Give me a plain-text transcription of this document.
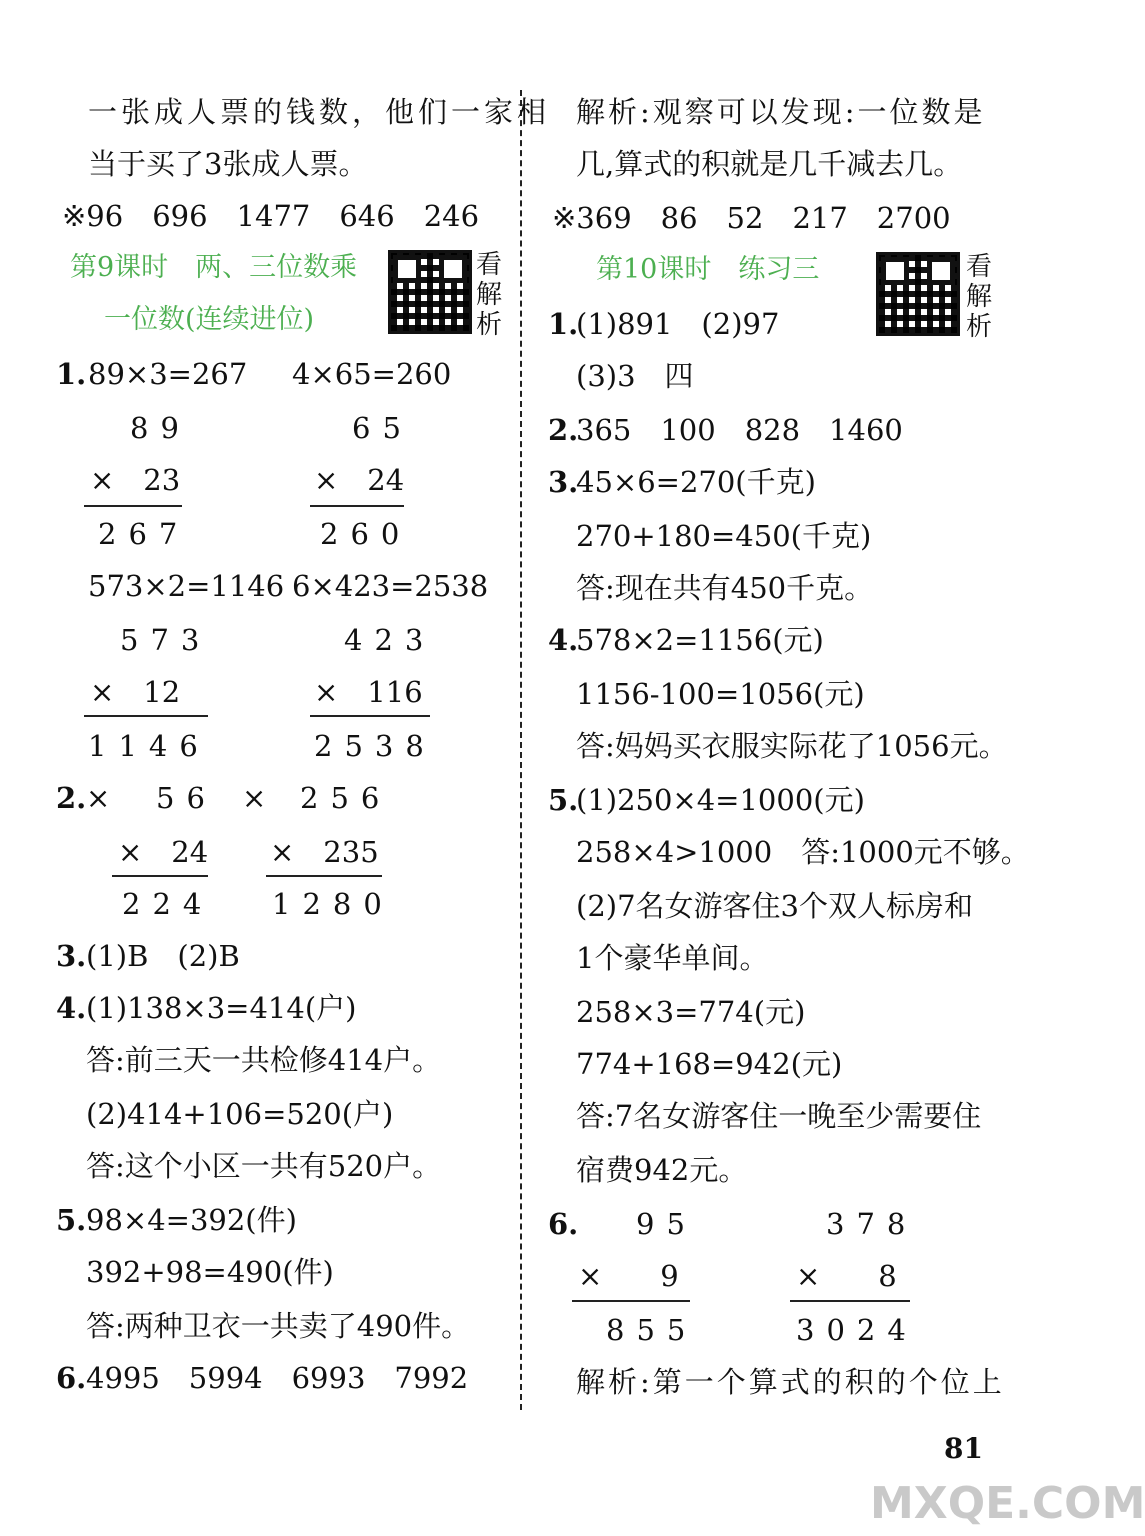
一张成人票的钱数，他们一家相
当于买了3张成人票。
※96　696　1477　646　246
第9课时　两、三位数乘
一位数(连续进位)
看解析
1. 89×3=267 4×65=260
89
×　23
267
65
×　24
260
573×2=1146 6×423=2538
573
×　12
1146
423
×　116
2538
2. × 56
×　24
224
× 256
×　235
1280
3. (1)B　(2)B
4. (1)138×3=414(户)
答:前三天一共检修414户。
(2)414+106=520(户)
答:这个小区一共有520户。
5. 98×4=392(件)
392+98=490(件)
答:两种卫衣一共卖了490件。
6. 4995　5994　6993　7992
解析:观察可以发现:一位数是
几,算式的积就是几千减去几。
※369　86　52　217　2700
第10课时　练习三	看解析
1.
(1)891　(2)97
(3)3　四
2.
365　100　828　1460
3.
45×6=270(千克)
270+180=450(千克)
答:现在共有450千克。
4.
578×2=1156(元)
1156-100=1056(元)
答:妈妈买衣服实际花了1056元。
5.
(1)250×4=1000(元)
258×4>1000　答:1000元不够。
(2)7名女游客住3个双人标房和
1个豪华单间。
258×3=774(元)
774+168=942(元)
答:7名女游客住一晚至少需要住
宿费942元。
6. 95
×　　9
855
378
×　　8
3024
解析:第一个算式的积的个位上
81
MXQE.COM
